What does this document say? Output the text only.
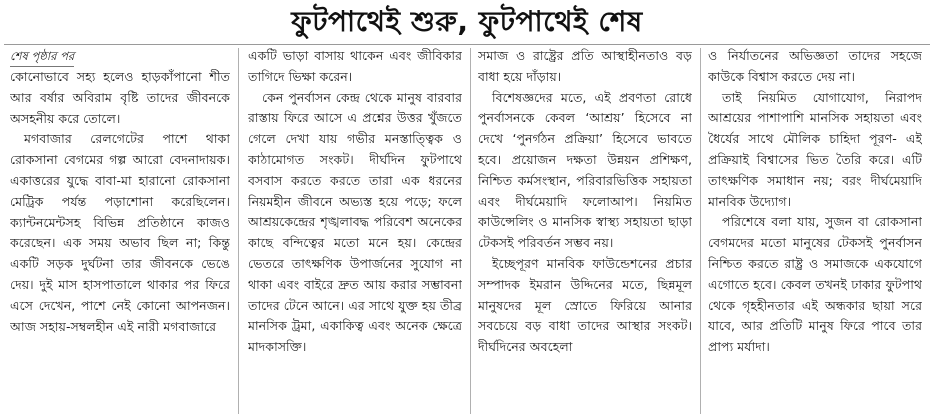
ফুটপাথেই শুরু, ফুটপাথেই শেষ
শেষ পৃষ্ঠার পর

কোনোভাবে সহ্য হলেও হাড়কাঁপানো শীত আর বর্ষার অবিরাম বৃষ্টি তাদের জীবনকে অসহনীয় করে তোলে।

মগবাজার রেলগেটের পাশে থাকা রোকসানা বেগমের গল্প আরো বেদনাদায়ক। একাত্তরের যুদ্ধে বাবা-মা হারানো রোকসানা মেট্রিক পর্যন্ত পড়াশোনা করেছিলেন। ক্যান্টনমেন্টসহ বিভিন্ন প্রতিষ্ঠানে কাজও করেছেন। এক সময় অভাব ছিল না; কিন্তু একটি সড়ক দুর্ঘটনা তার জীবনকে ভেঙে দেয়। দুই মাস হাসপাতালে থাকার পর ফিরে এসে দেখেন, পাশে নেই কোনো আপনজন। আজ সহায়-সম্বলহীন এই নারী মগবাজারে

একটি ভাড়া বাসায় থাকেন এবং জীবিকার তাগিদে ভিক্ষা করেন।

কেন পুনর্বাসন কেন্দ্র থেকে মানুষ বারবার রাস্তায় ফিরে আসে এ প্রশ্নের উত্তর খুঁজতে গেলে দেখা যায় গভীর মনস্তাত্ত্বিক ও কাঠামোগত সংকট। দীর্ঘদিন ফুটপাথে বসবাস করতে করতে তারা এক ধরনের নিয়মহীন জীবনে অভ্যস্ত হয়ে পড়ে; ফলে আশ্রয়কেন্দ্রের শৃঙ্খলাবদ্ধ পরিবেশ অনেকের কাছে বন্দিত্বের মতো মনে হয়। কেন্দ্রের ভেতরে তাৎক্ষণিক উপার্জনের সুযোগ না থাকা এবং বাইরে দ্রুত আয় করার সম্ভাবনা তাদের টেনে আনে। এর সাথে যুক্ত হয় তীব্র মানসিক ট্রমা, একাকিত্ব এবং অনেক ক্ষেত্রে মাদকাসক্তি।

সমাজ ও রাষ্ট্রের প্রতি আস্থাহীনতাও বড় বাধা হয়ে দাঁড়ায়।

বিশেষজ্ঞদের মতে, এই প্রবণতা রোধে পুনর্বাসনকে কেবল ‘আশ্রয়’ হিসেবে না দেখে ‘পুনর্গঠন প্রক্রিয়া’ হিসেবে ভাবতে হবে। প্রয়োজন দক্ষতা উন্নয়ন প্রশিক্ষণ, নিশ্চিত কর্মসংস্থান, পরিবারভিত্তিক সহায়তা এবং দীর্ঘমেয়াদি ফলোআপ। নিয়মিত কাউন্সেলিং ও মানসিক স্বাস্থ্য সহায়তা ছাড়া টেকসই পরিবর্তন সম্ভব নয়।

ইচ্ছেপূরণ মানবিক ফাউন্ডেশনের প্রচার সম্পাদক ইমরান উদ্দিনের মতে, ছিন্নমূল মানুষদের মূল স্রোতে ফিরিয়ে আনার সবচেয়ে বড় বাধা তাদের আস্থার সংকট। দীর্ঘদিনের অবহেলা

ও নির্যাতনের অভিজ্ঞতা তাদের সহজে কাউকে বিশ্বাস করতে দেয় না।

তাই নিয়মিত যোগাযোগ, নিরাপদ আশ্রয়ের পাশাপাশি মানসিক সহায়তা এবং ধৈর্যের সাথে মৌলিক চাহিদা পূরণ- এই প্রক্রিয়াই বিশ্বাসের ভিত তৈরি করে। এটি তাৎক্ষণিক সমাধান নয়; বরং দীর্ঘমেয়াদি মানবিক উদ্যোগ।

পরিশেষে বলা যায়, সুজন বা রোকসানা বেগমদের মতো মানুষের টেকসই পুনর্বাসন নিশ্চিত করতে রাষ্ট্র ও সমাজকে একযোগে এগোতে হবে। কেবল তখনই ঢাকার ফুটপাথ থেকে গৃহহীনতার এই অন্ধকার ছায়া সরে যাবে, আর প্রতিটি মানুষ ফিরে পাবে তার প্রাপ্য মর্যাদা।
